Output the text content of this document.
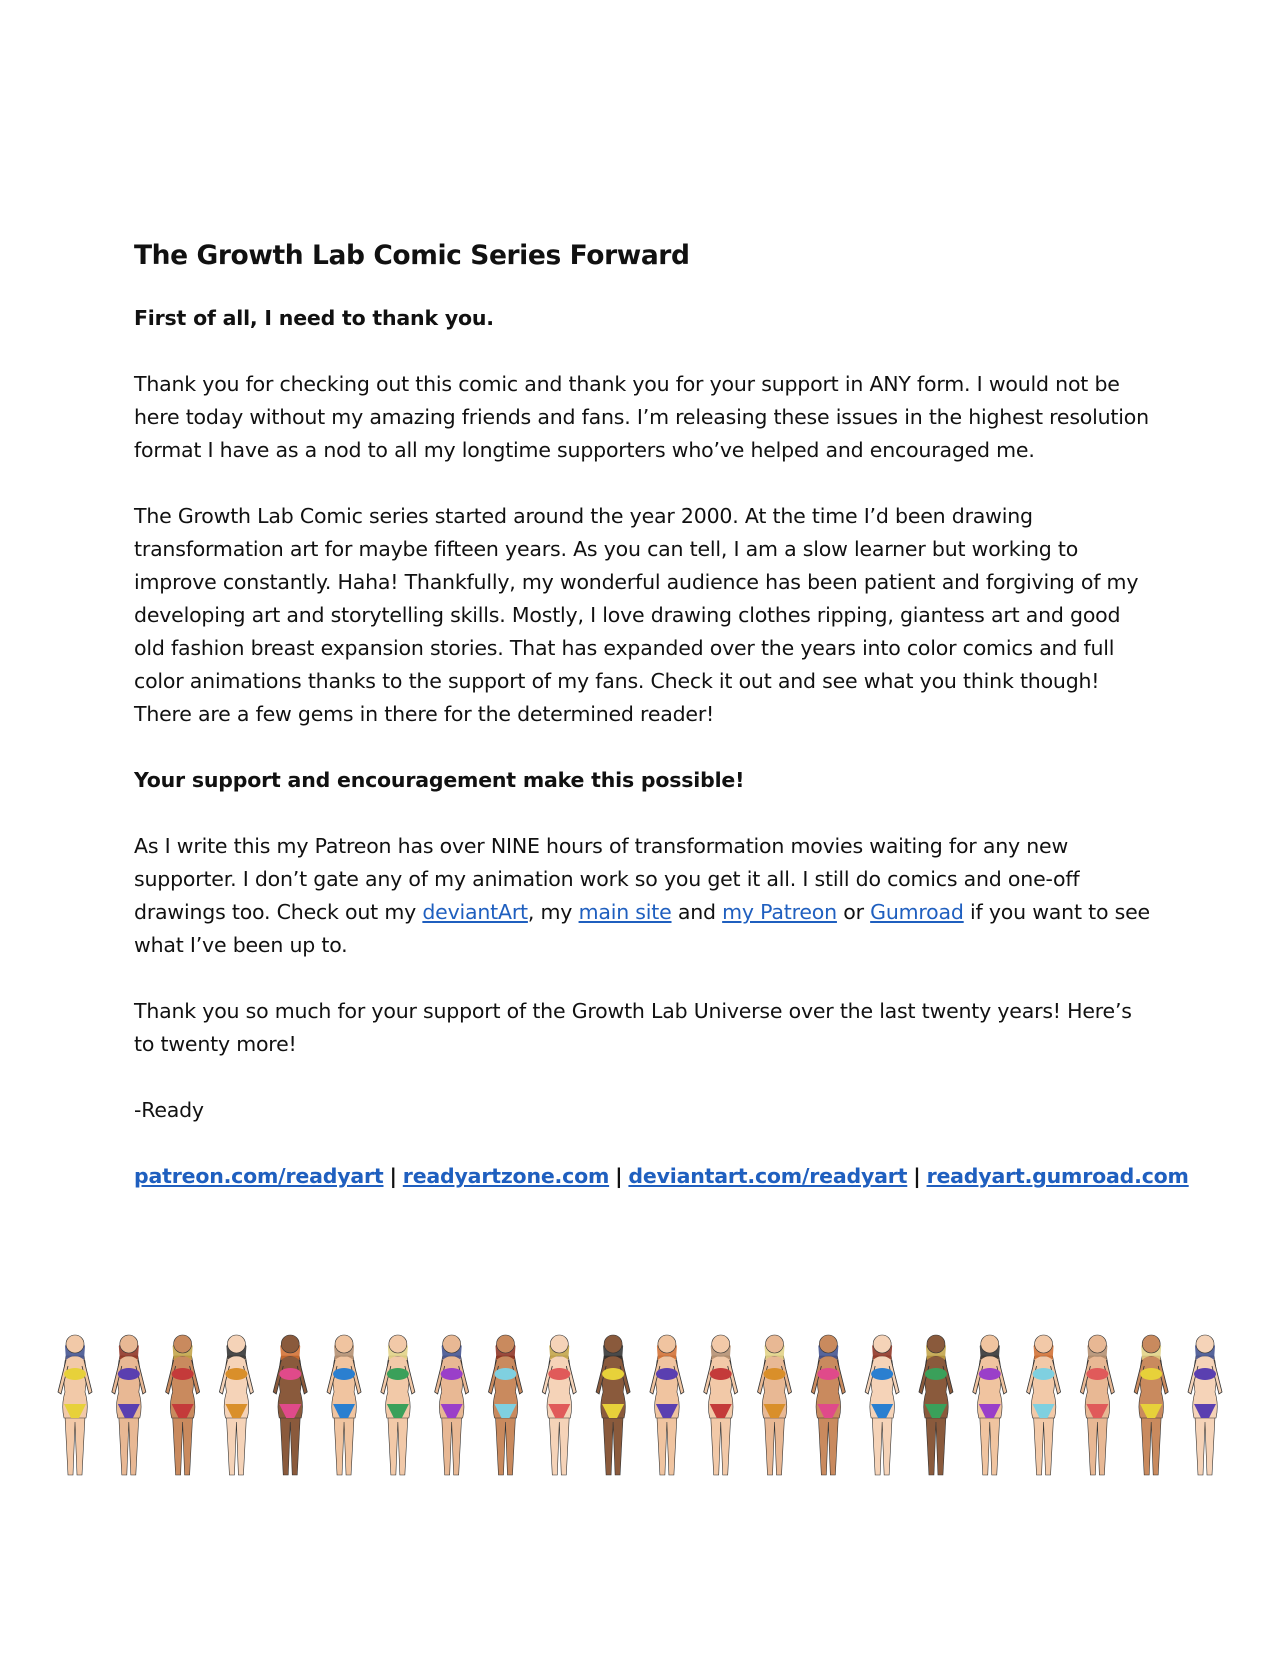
The Growth Lab Comic Series Forward
First of all, I need to thank you.
Thank you for checking out this comic and thank you for your support in ANY form. I would not be here today without my amazing friends and fans. I’m releasing these issues in the highest resolution format I have as a nod to all my longtime supporters who’ve helped and encouraged me.
The Growth Lab Comic series started around the year 2000. At the time I’d been drawing transformation art for maybe fifteen years. As you can tell, I am a slow learner but working to improve constantly. Haha! Thankfully, my wonderful audience has been patient and forgiving of my developing art and storytelling skills. Mostly, I love drawing clothes ripping, giantess art and good old fashion breast expansion stories. That has expanded over the years into color comics and full color animations thanks to the support of my fans. Check it out and see what you think though! There are a few gems in there for the determined reader!
Your support and encouragement make this possible!
As I write this my Patreon has over NINE hours of transformation movies waiting for any new supporter. I don’t gate any of my animation work so you get it all. I still do comics and one-off drawings too. Check out my deviantArt, my main site and my Patreon or Gumroad if you want to see what I’ve been up to.
Thank you so much for your support of the Growth Lab Universe over the last twenty years! Here’s to twenty more!
-Ready
patreon.com/readyart | readyartzone.com | deviantart.com/readyart | readyart.gumroad.com
